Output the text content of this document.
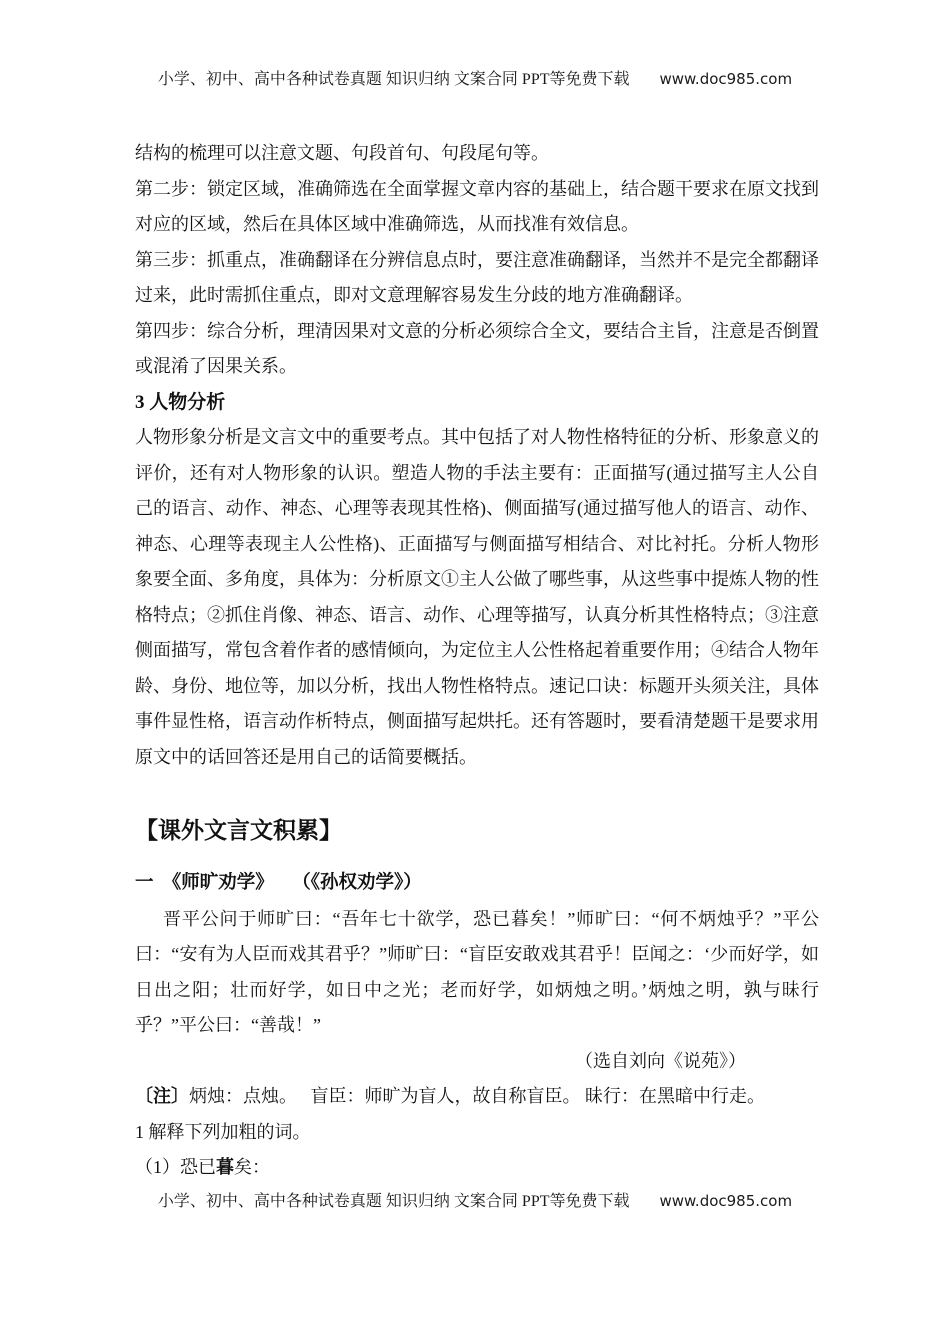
小学、初中、高中各种试卷真题 知识归纳 文案合同 PPT等免费下载 www.doc985.com

结构的梳理可以注意文题、句段首句、句段尾句等。

第二步：锁定区域，准确筛选在全面掌握文章内容的基础上，结合题干要求在原文找到对应的区域，然后在具体区域中准确筛选，从而找准有效信息。

第三步：抓重点，准确翻译在分辨信息点时，要注意准确翻译，当然并不是完全都翻译过来，此时需抓住重点，即对文意理解容易发生分歧的地方准确翻译。

第四步：综合分析，理清因果对文意的分析必须综合全文，要结合主旨，注意是否倒置或混淆了因果关系。

3 人物分析

人物形象分析是文言文中的重要考点。其中包括了对人物性格特征的分析、形象意义的评价，还有对人物形象的认识。塑造人物的手法主要有：正面描写(通过描写主人公自己的语言、动作、神态、心理等表现其性格)、侧面描写(通过描写他人的语言、动作、神态、心理等表现主人公性格)、正面描写与侧面描写相结合、对比衬托。分析人物形象要全面、多角度，具体为：分析原文①主人公做了哪些事，从这些事中提炼人物的性格特点；②抓住肖像、神态、语言、动作、心理等描写，认真分析其性格特点；③注意侧面描写，常包含着作者的感情倾向，为定位主人公性格起着重要作用；④结合人物年龄、身份、地位等，加以分析，找出人物性格特点。速记口诀：标题开头须关注，具体事件显性格，语言动作析特点，侧面描写起烘托。还有答题时，要看清楚题干是要求用原文中的话回答还是用自己的话简要概括。

【课外文言文积累】

一　《师旷劝学》　　（《孙权劝学》）

晋平公问于师旷曰：“吾年七十欲学，恐已暮矣！”师旷曰：“何不炳烛乎？”平公曰：“安有为人臣而戏其君乎？”师旷曰：“盲臣安敢戏其君乎！臣闻之：‘少而好学，如日出之阳；壮而好学，如日中之光；老而好学，如炳烛之明。’炳烛之明，孰与昧行乎？”平公曰：“善哉！”

（选自刘向《说苑》）

〔注〕炳烛：点烛。　 盲臣：师旷为盲人，故自称盲臣。 昧行：在黑暗中行走。

1 解释下列加粗的词。

（1）恐已暮矣：

小学、初中、高中各种试卷真题 知识归纳 文案合同 PPT等免费下载 www.doc985.com
